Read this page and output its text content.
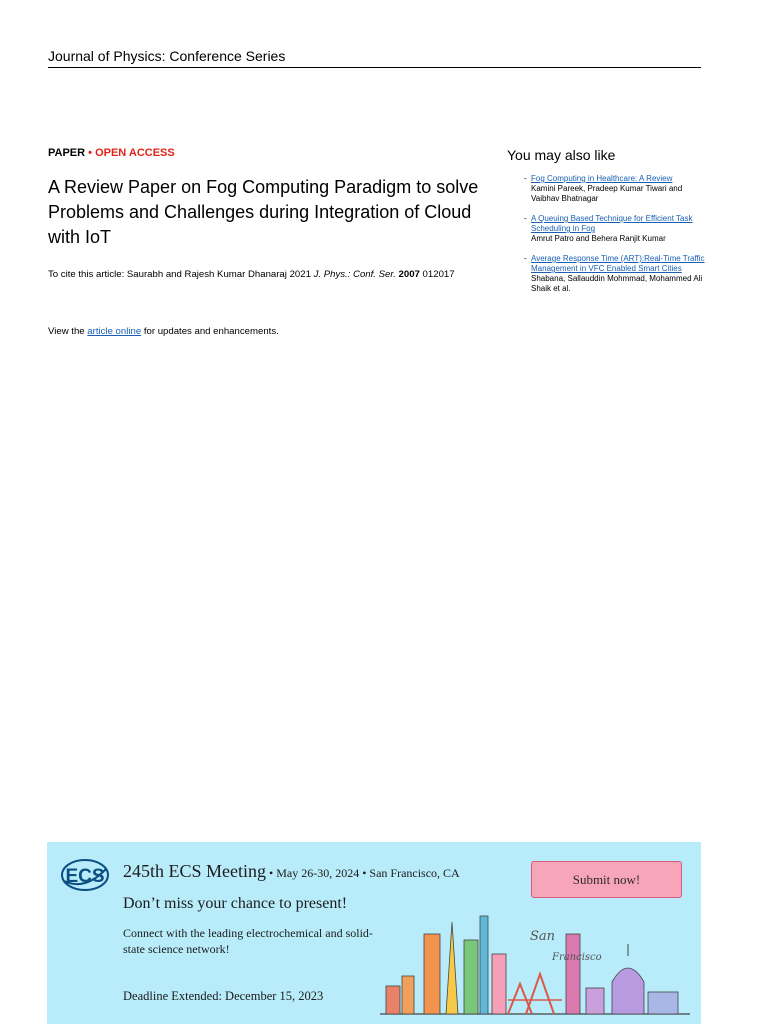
Journal of Physics: Conference Series
PAPER • OPEN ACCESS
A Review Paper on Fog Computing Paradigm to solve Problems and Challenges during Integration of Cloud with IoT

To cite this article: Saurabh and Rajesh Kumar Dhanaraj 2021 J. Phys.: Conf. Ser. 2007 012017

View the article online for updates and enhancements.

You may also like
- Fog Computing in Healthcare: A Review
Kamini Pareek, Pradeep Kumar Tiwari and Vaibhav Bhatnagar
- A Queuing Based Technique for Efficient Task Scheduling in Fog
Amrut Patro and Behera Ranjit Kumar
- Average Response Time (ART):Real-Time Traffic Management in VFC Enabled Smart Cities
Shabana, Sallauddin Mohmmad, Mohammed Ali Shaik et al.
ECS 245th ECS Meeting • May 26-30, 2024 • San Francisco, CA	Submit now!
Don’t miss your chance to present!
Connect with the leading electrochemical and solid-state science network!
Deadline Extended: December 15, 2023
San
Francisco
